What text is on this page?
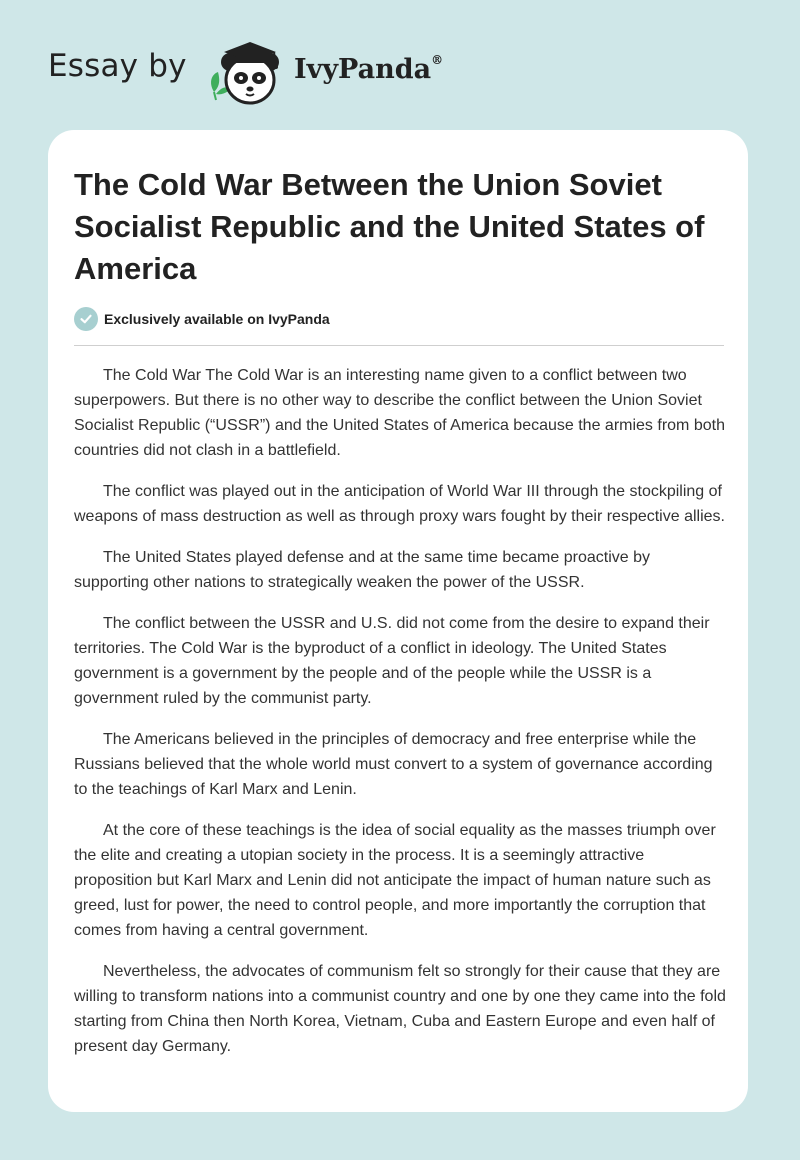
Essay by	IvyPanda®
The Cold War Between the Union Soviet Socialist Republic and the United States of America
Exclusively available on IvyPanda

The Cold War The Cold War is an interesting name given to a conflict between two superpowers. But there is no other way to describe the conflict between the Union Soviet Socialist Republic (“USSR”) and the United States of America because the armies from both countries did not clash in a battlefield.

The conflict was played out in the anticipation of World War III through the stockpiling of weapons of mass destruction as well as through proxy wars fought by their respective allies.

The United States played defense and at the same time became proactive by supporting other nations to strategically weaken the power of the USSR.

The conflict between the USSR and U.S. did not come from the desire to expand their territories. The Cold War is the byproduct of a conflict in ideology. The United States government is a government by the people and of the people while the USSR is a government ruled by the communist party.

The Americans believed in the principles of democracy and free enterprise while the Russians believed that the whole world must convert to a system of governance according to the teachings of Karl Marx and Lenin.

At the core of these teachings is the idea of social equality as the masses triumph over the elite and creating a utopian society in the process. It is a seemingly attractive proposition but Karl Marx and Lenin did not anticipate the impact of human nature such as greed, lust for power, the need to control people, and more importantly the corruption that comes from having a central government.

Nevertheless, the advocates of communism felt so strongly for their cause that they are willing to transform nations into a communist country and one by one they came into the fold starting from China then North Korea, Vietnam, Cuba and Eastern Europe and even half of present day Germany.
